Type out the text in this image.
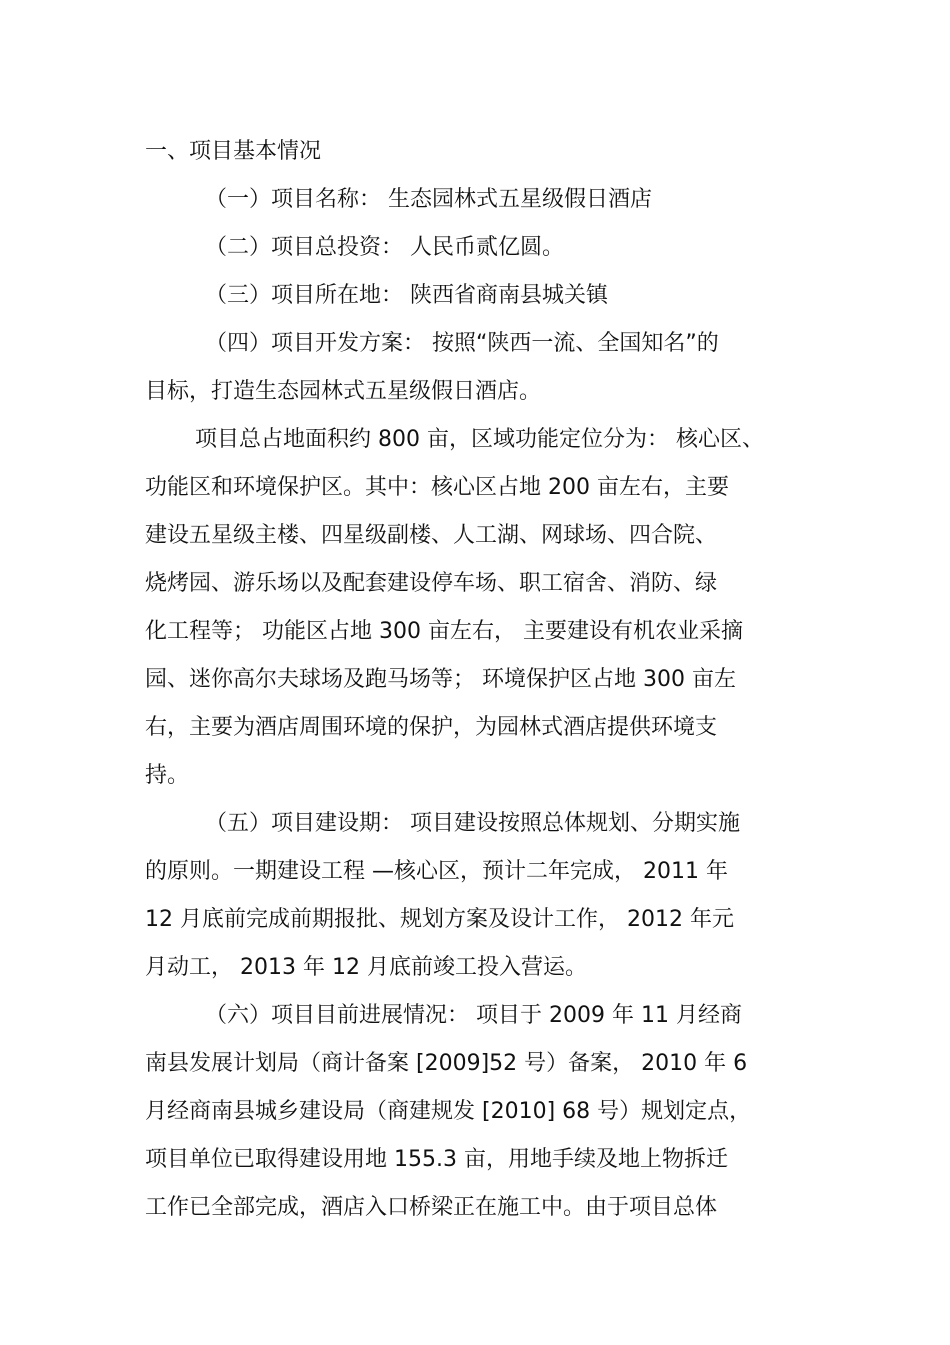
一、项目基本情况
（一）项目名称： 生态园林式五星级假日酒店
（二）项目总投资： 人民币贰亿圆。
（三）项目所在地： 陕西省商南县城关镇
（四）项目开发方案： 按照“陕西一流、全国知名”的
目标，打造生态园林式五星级假日酒店。
项目总占地面积约 800 亩，区域功能定位分为： 核心区、
功能区和环境保护区。其中：核心区占地 200 亩左右，主要
建设五星级主楼、四星级副楼、人工湖、网球场、四合院、
烧烤园、游乐场以及配套建设停车场、职工宿舍、消防、绿
化工程等； 功能区占地 300 亩左右， 主要建设有机农业采摘
园、迷你高尔夫球场及跑马场等； 环境保护区占地 300 亩左
右，主要为酒店周围环境的保护，为园林式酒店提供环境支
持。
（五）项目建设期： 项目建设按照总体规划、分期实施
的原则。一期建设工程 —核心区，预计二年完成， 2011 年
12 月底前完成前期报批、规划方案及设计工作， 2012 年元
月动工， 2013 年 12 月底前竣工投入营运。
（六）项目目前进展情况： 项目于 2009 年 11 月经商
南县发展计划局（商计备案 [2009]52 号）备案， 2010 年 6
月经商南县城乡建设局（商建规发 [2010] 68 号）规划定点，
项目单位已取得建设用地 155.3 亩，用地手续及地上物拆迁
工作已全部完成，酒店入口桥梁正在施工中。由于项目总体
